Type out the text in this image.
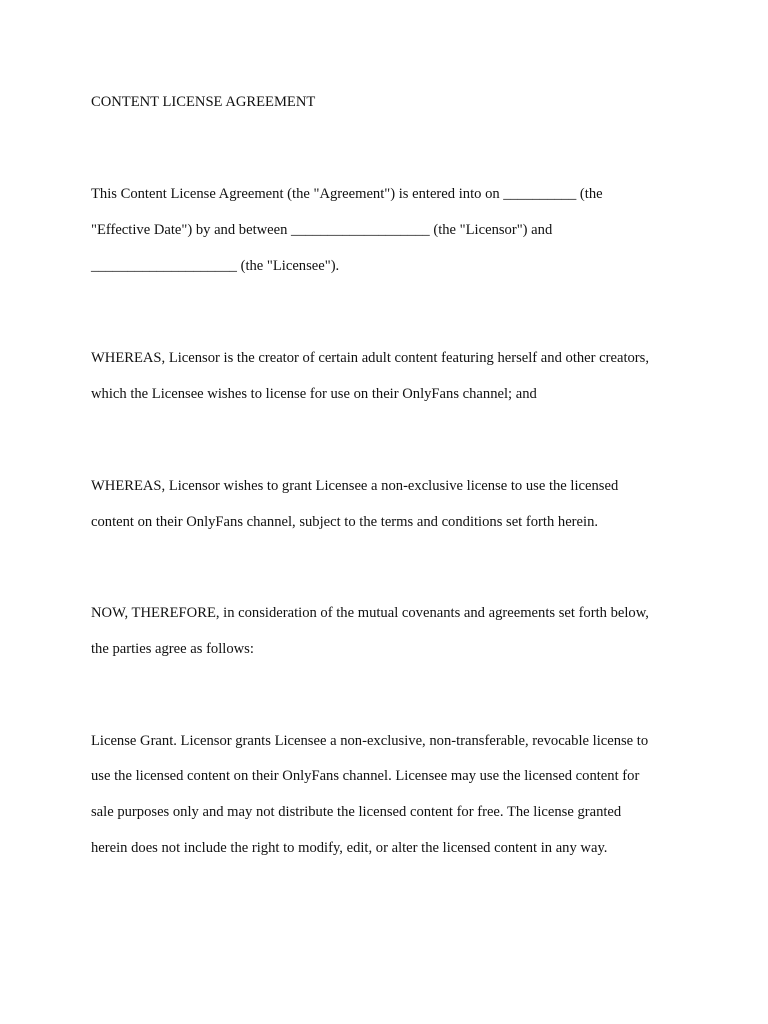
CONTENT LICENSE AGREEMENT
This Content License Agreement (the "Agreement") is entered into on __________ (the
"Effective Date") by and between ___________________ (the "Licensor") and
____________________ (the "Licensee").
WHEREAS, Licensor is the creator of certain adult content featuring herself and other creators,
which the Licensee wishes to license for use on their OnlyFans channel; and
WHEREAS, Licensor wishes to grant Licensee a non-exclusive license to use the licensed
content on their OnlyFans channel, subject to the terms and conditions set forth herein.
NOW, THEREFORE, in consideration of the mutual covenants and agreements set forth below,
the parties agree as follows:
License Grant. Licensor grants Licensee a non-exclusive, non-transferable, revocable license to
use the licensed content on their OnlyFans channel. Licensee may use the licensed content for
sale purposes only and may not distribute the licensed content for free. The license granted
herein does not include the right to modify, edit, or alter the licensed content in any way.
